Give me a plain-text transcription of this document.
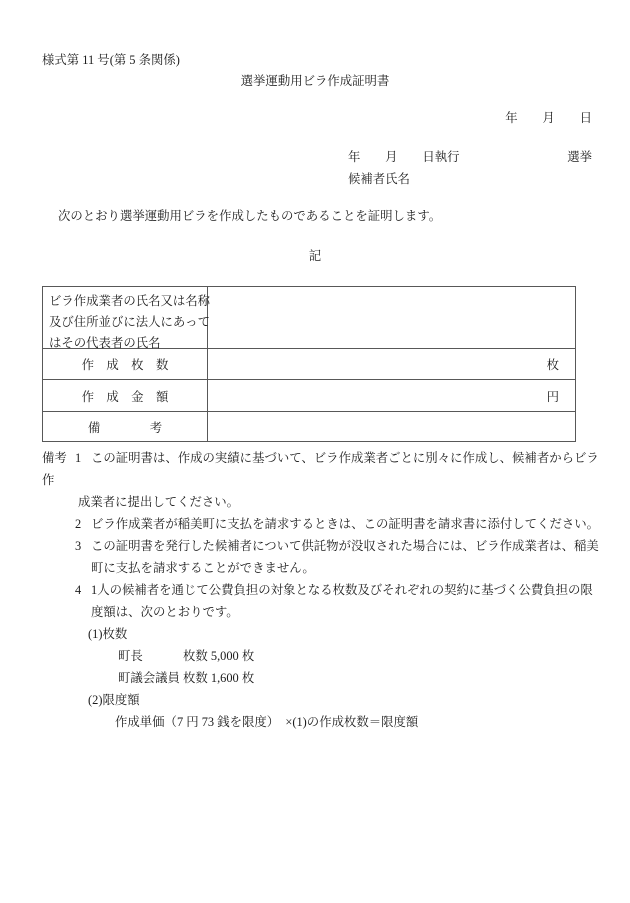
様式第 11 号(第 5 条関係)
選挙運動用ビラ作成証明書
年　　月　　日
年　　月　　日執行	選挙
候補者氏名
次のとおり選挙運動用ビラを作成したものであることを証明します。
記
ビラ作成業者の氏名又は名称
及び住所並びに法人にあって
はその代表者の氏名
作　成　枚　数	枚
作　成　金　額	円
備　　　　考
備考 1 この証明書は、作成の実績に基づいて、ビラ作成業者ごとに別々に作成し、候補者からビラ
作
成業者に提出してください。
2 ビラ作成業者が稲美町に支払を請求するときは、この証明書を請求書に添付してください。
3 この証明書を発行した候補者について供託物が没収された場合には、ビラ作成業者は、稲美
町に支払を請求することができません。
4 1人の候補者を通じて公費負担の対象となる枚数及びそれぞれの契約に基づく公費負担の限
度額は、次のとおりです。
(1)枚数
町長	枚数 5,000 枚
町議会議員 枚数 1,600 枚
(2)限度額
作成単価（7 円 73 銭を限度）　×(1)の作成枚数＝限度額
